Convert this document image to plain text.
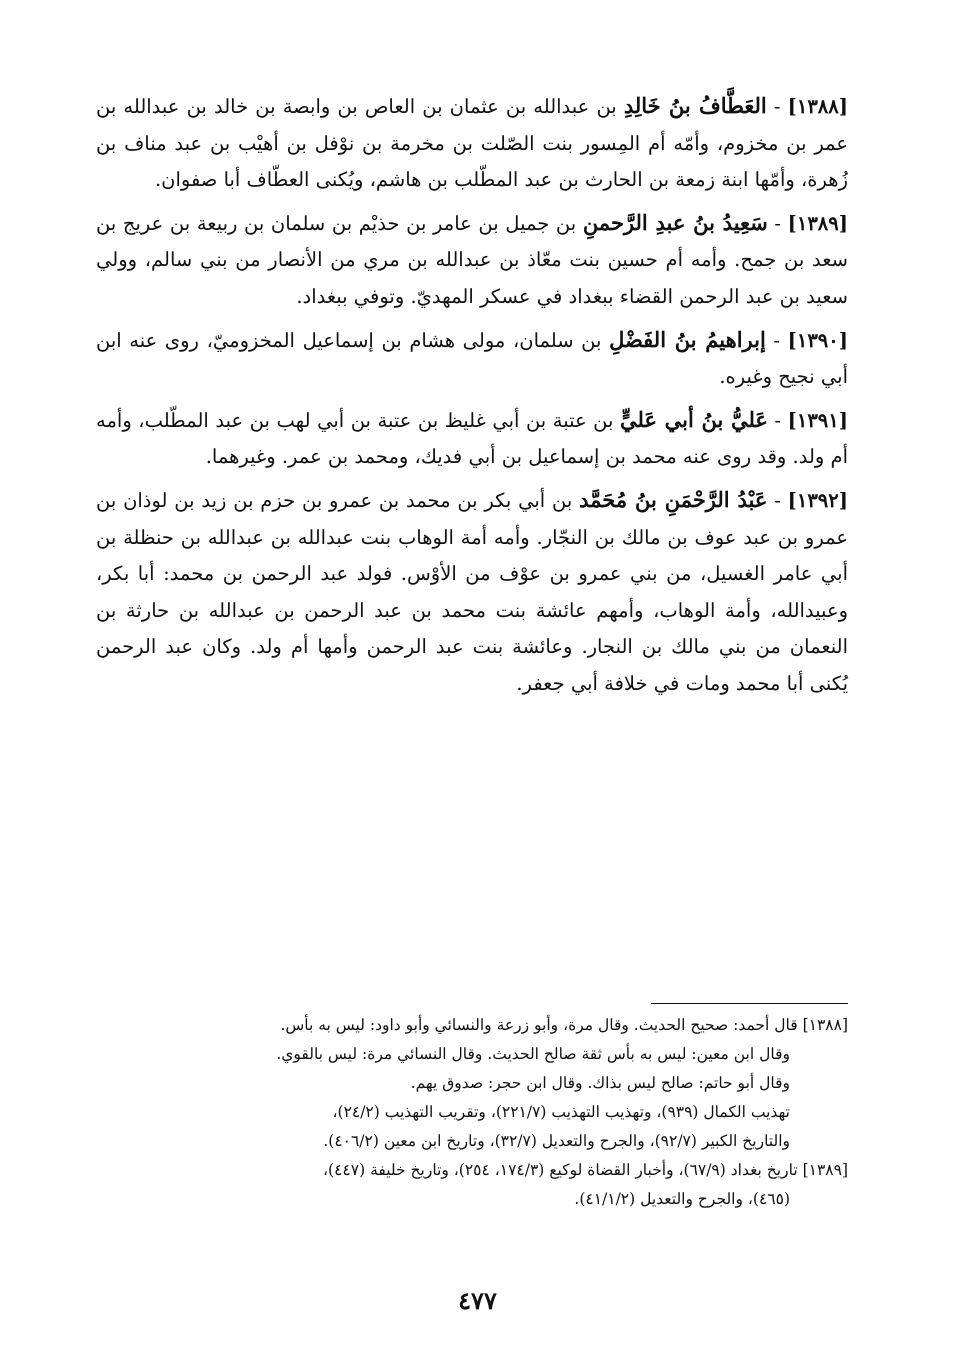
[١٣٨٨] - العَطَّافُ بنُ خَالِدِ بن عبدالله بن عثمان بن العاص بن وابصة بن خالد بن عبدالله بن عمر بن مخزوم، وأمّه أم المِسور بنت الصّلت بن مخرمة بن نوْفل بن أهيْب بن عبد مناف بن زُهرة، وأمّها ابنة زمعة بن الحارث بن عبد المطّلب بن هاشم، ويُكنى العطّاف أبا صفوان.

[١٣٨٩] - سَعِيدُ بنُ عبدِ الرَّحمنِ بن جميل بن عامر بن حذيْم بن سلمان بن ربيعة بن عريج بن سعد بن جمح. وأمه أم حسين بنت معّاذ بن عبدالله بن مري من الأنصار من بني سالم، وولي سعيد بن عبد الرحمن القضاء ببغداد في عسكر المهديّ. وتوفي ببغداد.

[١٣٩٠] - إبراهيمُ بنُ الفَضْلِ بن سلمان، مولى هشام بن إسماعيل المخزوميّ، روى عنه ابن أبي نجيح وغيره.

[١٣٩١] - عَليُّ بنُ أبي عَليٍّ بن عتبة بن أبي غليظ بن عتبة بن أبي لهب بن عبد المطّلب، وأمه أم ولد. وقد روى عنه محمد بن إسماعيل بن أبي فديك، ومحمد بن عمر. وغيرهما.

[١٣٩٢] - عَبْدُ الرَّحْمَنِ بنُ مُحَمَّد بن أبي بكر بن محمد بن عمرو بن حزم بن زيد بن لوذان بن عمرو بن عبد عوف بن مالك بن النجّار. وأمه أمة الوهاب بنت عبدالله بن عبدالله بن حنظلة بن أبي عامر الغسيل، من بني عمرو بن عوْف من الأوْس. فولد عبد الرحمن بن محمد: أبا بكر، وعبيدالله، وأمة الوهاب، وأمهم عائشة بنت محمد بن عبد الرحمن بن عبدالله بن حارثة بن النعمان من بني مالك بن النجار. وعائشة بنت عبد الرحمن وأمها أم ولد. وكان عبد الرحمن يُكنى أبا محمد ومات في خلافة أبي جعفر.

[١٣٨٨] قال أحمد: صحيح الحديث. وقال مرة، وأبو زرعة والنسائي وأبو داود: ليس به بأس.
وقال ابن معين: ليس به بأس ثقة صالح الحديث. وقال النسائي مرة: ليس بالقوي.
وقال أبو حاتم: صالح ليس بذاك. وقال ابن حجر: صدوق يهم.
تهذيب الكمال (٩٣٩)، وتهذيب التهذيب (٢٢١/٧)، وتقريب التهذيب (٢٤/٢)،
والتاريخ الكبير (٩٢/٧)، والجرح والتعديل (٣٢/٧)، وتاريخ ابن معين (٤٠٦/٢).

[١٣٨٩] تاريخ بغداد (٦٧/٩)، وأخبار القضاة لوكيع (١٧٤/٣، ٢٥٤)، وتاريخ خليفة (٤٤٧)،
(٤٦٥)، والجرح والتعديل (٤١/١/٢).

٤٧٧
